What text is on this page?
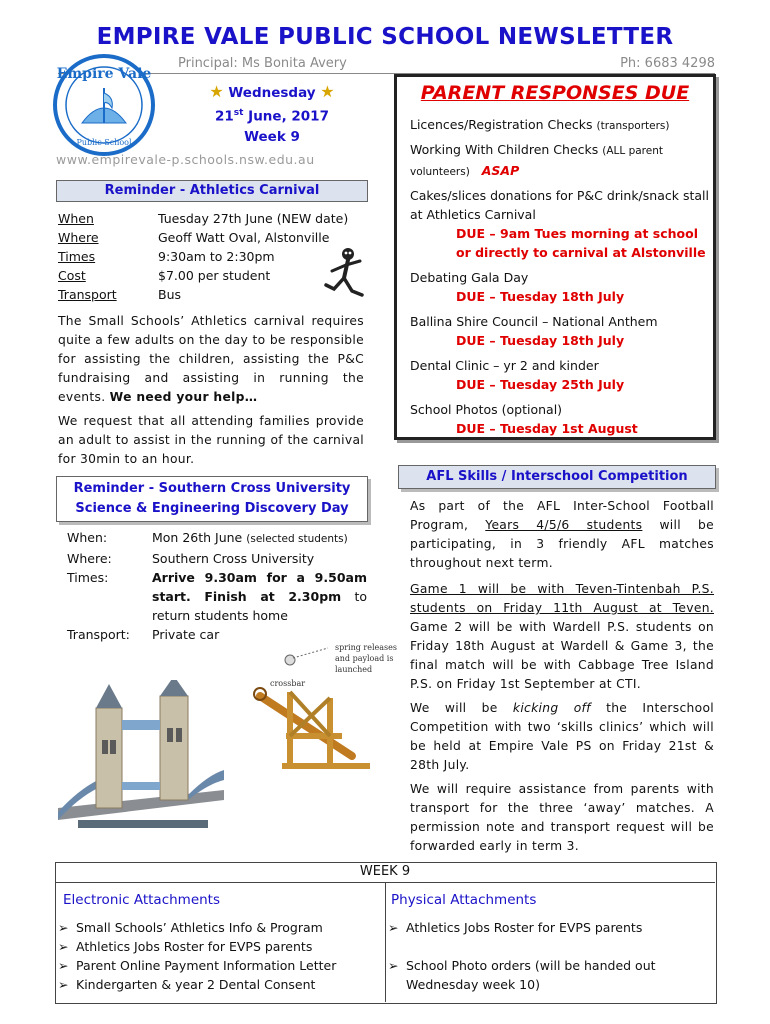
EMPIRE VALE PUBLIC SCHOOL NEWSLETTER
Principal: Ms Bonita Avery	Ph: 6683 4298
Empire Vale
Public School
★ Wednesday ★
21st June, 2017
Week 9
www.empirevale-p.schools.nsw.edu.au
Reminder - Athletics Carnival
When	Tuesday 27th June (NEW date)
Where	Geoff Watt Oval, Alstonville
Times	9:30am to 2:30pm
Cost	$7.00 per student
Transport	Bus
The Small Schools’ Athletics carnival requires quite a few adults on the day to be responsible for assisting the children, assisting the P&C fundraising and assisting in running the events. We need your help…
We request that all attending families provide an adult to assist in the running of the carnival for 30min to an hour.
Reminder - Southern Cross University
Science & Engineering Discovery Day
When:	Mon 26th June (selected students)
Where:	Southern Cross University
Times:	Arrive 9.30am for a 9.50am start. Finish at 2.30pm to return students home
Transport:	Private car
spring releases
and payload is
launched
crossbar
PARENT RESPONSES DUE
Licences/Registration Checks (transporters)
Working With Children Checks (ALL parent volunteers) ASAP
Cakes/slices donations for P&C drink/snack stall at Athletics Carnival
DUE – 9am Tues morning at school
or directly to carnival at Alstonville
Debating Gala Day
DUE – Tuesday 18th July
Ballina Shire Council – National Anthem
DUE – Tuesday 18th July
Dental Clinic – yr 2 and kinder
DUE – Tuesday 25th July
School Photos (optional)
DUE – Tuesday 1st August
AFL Skills / Interschool Competition
As part of the AFL Inter-School Football Program, Years 4/5/6 students will be participating, in 3 friendly AFL matches throughout next term.
Game 1 will be with Teven-Tintenbah P.S. students on Friday 11th August at Teven. Game 2 will be with Wardell P.S. students on Friday 18th August at Wardell & Game 3, the final match will be with Cabbage Tree Island P.S. on Friday 1st September at CTI.
We will be kicking off the Interschool Competition with two ‘skills clinics’ which will be held at Empire Vale PS on Friday 21st & 28th July.
We will require assistance from parents with transport for the three ‘away’ matches. A permission note and transport request will be forwarded early in term 3.
WEEK 9
Electronic Attachments
➢ Small Schools’ Athletics Info & Program
➢ Athletics Jobs Roster for EVPS parents
➢ Parent Online Payment Information Letter
➢ Kindergarten & year 2 Dental Consent
Physical Attachments
➢ Athletics Jobs Roster for EVPS parents
➢ School Photo orders (will be handed out Wednesday week 10)
